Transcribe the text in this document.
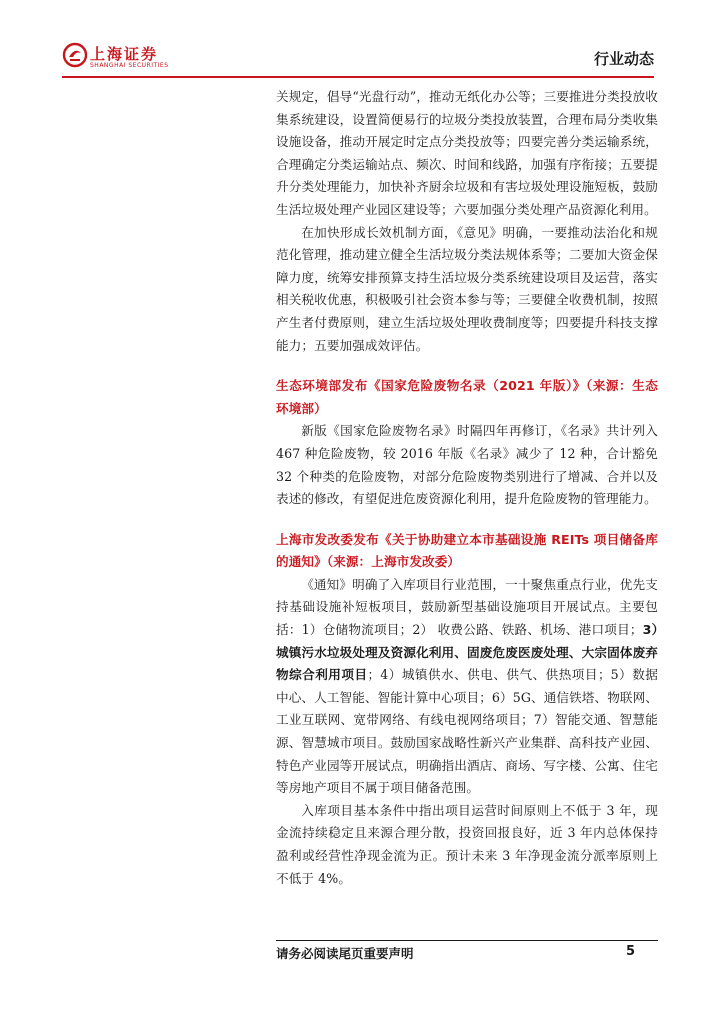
上海证券
SHANGHAI SECURITIES	行业动态

关规定，倡导“光盘行动”，推动无纸化办公等；三要推进分类投放收集系统建设，设置简便易行的垃圾分类投放装置，合理布局分类收集设施设备，推动开展定时定点分类投放等；四要完善分类运输系统，合理确定分类运输站点、频次、时间和线路，加强有序衔接；五要提升分类处理能力，加快补齐厨余垃圾和有害垃圾处理设施短板，鼓励生活垃圾处理产业园区建设等；六要加强分类处理产品资源化利用。

在加快形成长效机制方面，《意见》明确，一要推动法治化和规范化管理，推动建立健全生活垃圾分类法规体系等；二要加大资金保障力度，统筹安排预算支持生活垃圾分类系统建设项目及运营，落实相关税收优惠，积极吸引社会资本参与等；三要健全收费机制，按照产生者付费原则，建立生活垃圾处理收费制度等；四要提升科技支撑能力；五要加强成效评估。

生态环境部发布《国家危险废物名录（2021 年版）》（来源：生态环境部）

新版《国家危险废物名录》时隔四年再修订，《名录》共计列入 467 种危险废物，较 2016 年版《名录》减少了 12 种，合计豁免 32 个种类的危险废物，对部分危险废物类别进行了增减、合并以及表述的修改，有望促进危废资源化利用，提升危险废物的管理能力。

上海市发改委发布《关于协助建立本市基础设施 REITs 项目储备库的通知》（来源：上海市发改委）

《通知》明确了入库项目行业范围，一十聚焦重点行业，优先支持基础设施补短板项目，鼓励新型基础设施项目开展试点。主要包括：1）仓储物流项目；2） 收费公路、铁路、机场、港口项目；3）城镇污水垃圾处理及资源化利用、固废危废医废处理、大宗固体废弃物综合利用项目；4）城镇供水、供电、供气、供热项目；5）数据中心、人工智能、智能计算中心项目；6）5G、通信铁塔、物联网、工业互联网、宽带网络、有线电视网络项目；7）智能交通、智慧能源、智慧城市项目。鼓励国家战略性新兴产业集群、高科技产业园、特色产业园等开展试点，明确指出酒店、商场、写字楼、公寓、住宅等房地产项目不属于项目储备范围。

入库项目基本条件中指出项目运营时间原则上不低于 3 年，现金流持续稳定且来源合理分散，投资回报良好，近 3 年内总体保持盈利或经营性净现金流为正。预计未来 3 年净现金流分派率原则上不低于 4%。

请务必阅读尾页重要声明	5
